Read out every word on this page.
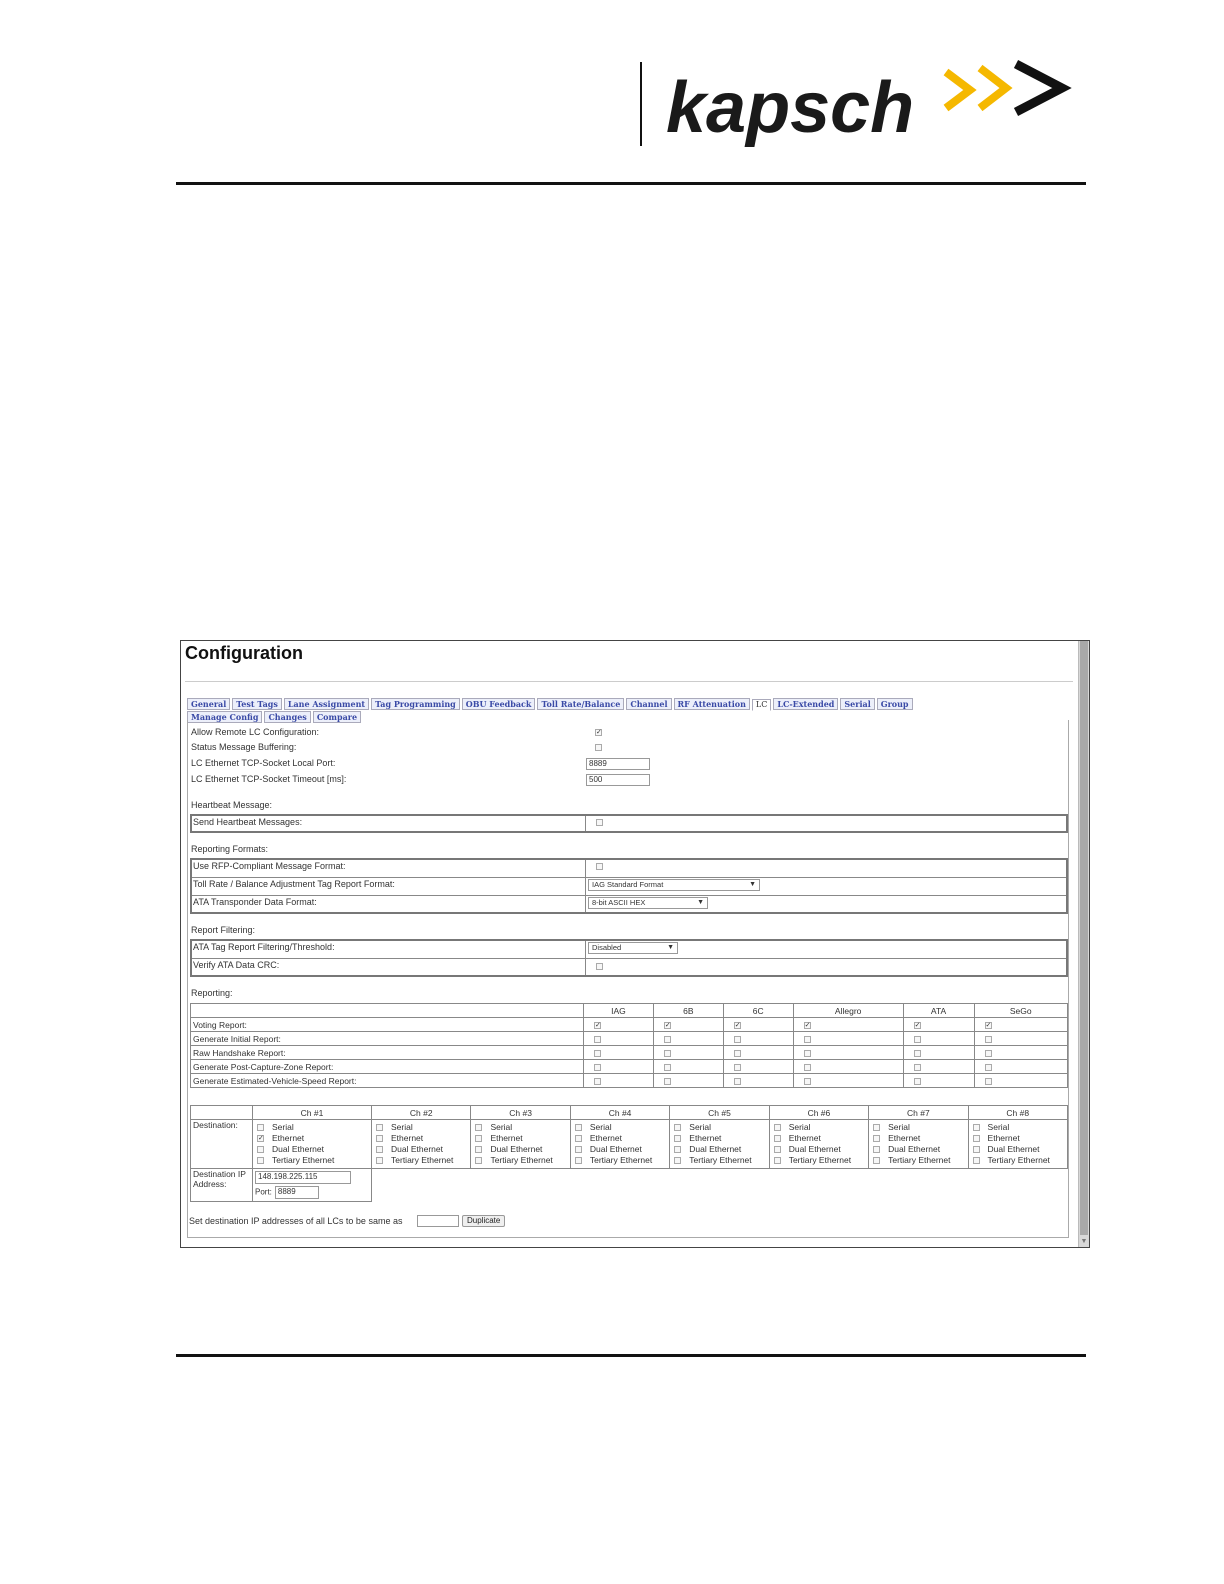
kapsch
Configuration
General Test Tags Lane Assignment Tag Programming OBU Feedback Toll Rate/Balance Channel RF Attenuation LC LC-Extended Serial GroupManage Config Changes Compare
Allow Remote LC Configuration:	✓
Status Message Buffering:
LC Ethernet TCP-Socket Local Port:	8889
LC Ethernet TCP-Socket Timeout [ms]:	500
Heartbeat Message:
Send Heartbeat Messages:
Reporting Formats:
Use RFP-Compliant Message Format:
Toll Rate / Balance Adjustment Tag Report Format:	IAG Standard Format	▼
ATA Transponder Data Format:	8-bit ASCII HEX	▼
Report Filtering:
ATA Tag Report Filtering/Threshold:	Disabled	▼
Verify ATA Data CRC:
Reporting:
	IAG	6B	6C	Allegro	ATA	SeGo
Voting Report:	✓	✓	✓	✓	✓	✓
Generate Initial Report:						
Raw Handshake Report:						
Generate Post-Capture-Zone Report:						
Generate Estimated-Vehicle-Speed Report:						
	Ch #1	Ch #2	Ch #3	Ch #4	Ch #5	Ch #6	Ch #7	Ch #8
Destination:	Serial
✓ Ethernet
Dual Ethernet
Tertiary Ethernet	Serial
Ethernet
Dual Ethernet
Tertiary Ethernet	Serial
Ethernet
Dual Ethernet
Tertiary Ethernet	Serial
Ethernet
Dual Ethernet
Tertiary Ethernet	Serial
Ethernet
Dual Ethernet
Tertiary Ethernet	Serial
Ethernet
Dual Ethernet
Tertiary Ethernet	Serial
Ethernet
Dual Ethernet
Tertiary Ethernet	Serial
Ethernet
Dual Ethernet
Tertiary Ethernet

Destination IP Address:	148.198.225.115
Port: 8889							

Set destination IP addresses of all LCs to be same as	Duplicate
▼
